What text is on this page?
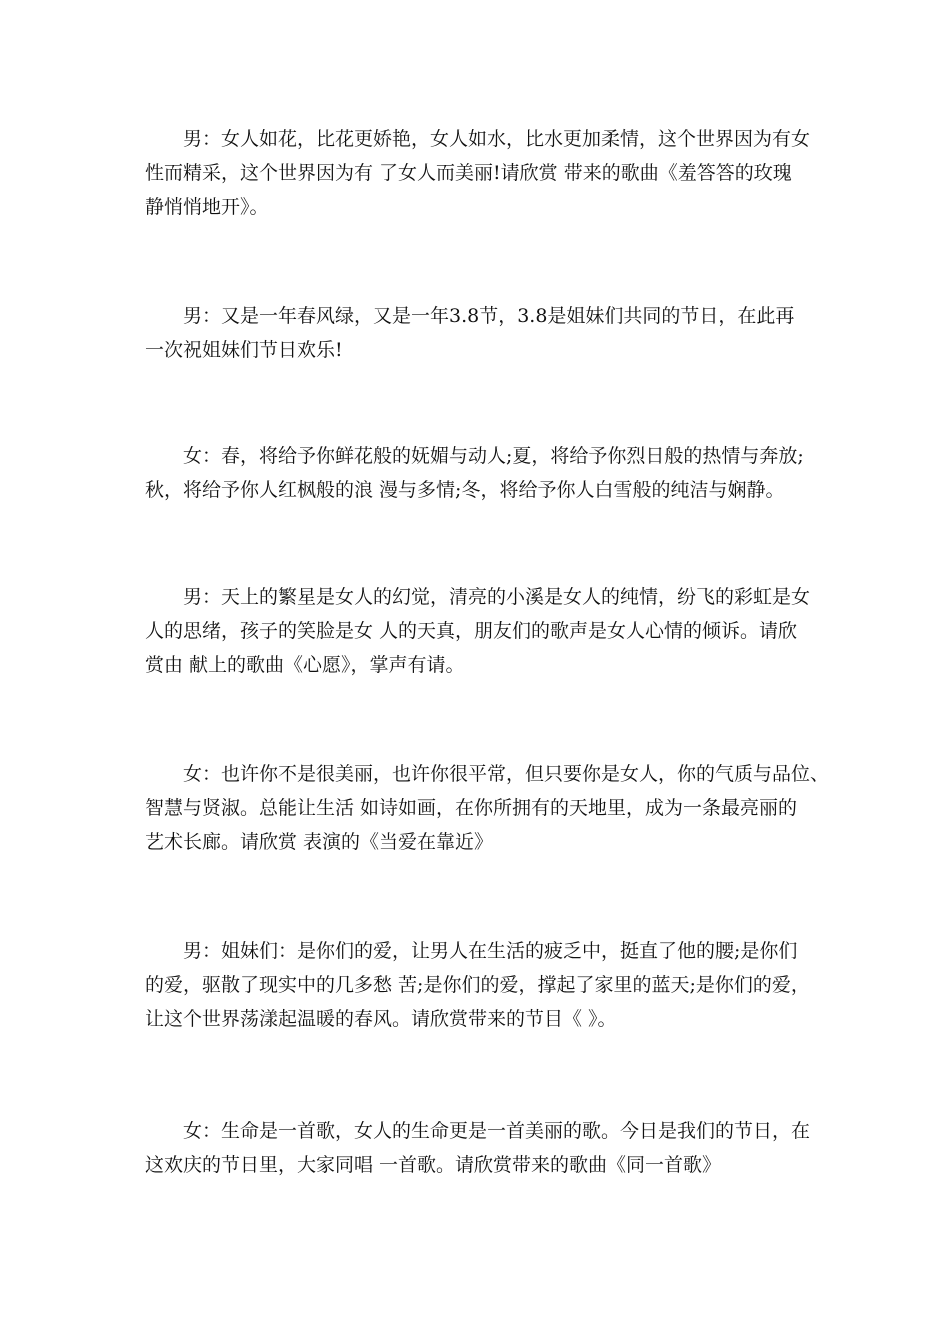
　　男：女人如花，比花更娇艳，女人如水，比水更加柔情，这个世界因为有女
性而精采，这个世界因为有 了女人而美丽!请欣赏 带来的歌曲《羞答答的玫瑰
静悄悄地开》。

　　男：又是一年春风绿，又是一年3.8节，3.8是姐妹们共同的节日，在此再
一次祝姐妹们节日欢乐!

　　女：春，将给予你鲜花般的妩媚与动人;夏，将给予你烈日般的热情与奔放;
秋，将给予你人红枫般的浪 漫与多情;冬，将给予你人白雪般的纯洁与娴静。

　　男：天上的繁星是女人的幻觉，清亮的小溪是女人的纯情，纷飞的彩虹是女
人的思绪，孩子的笑脸是女 人的天真，朋友们的歌声是女人心情的倾诉。请欣
赏由 献上的歌曲《心愿》，掌声有请。

　　女：也许你不是很美丽，也许你很平常，但只要你是女人，你的气质与品位、
智慧与贤淑。总能让生活 如诗如画，在你所拥有的天地里，成为一条最亮丽的
艺术长廊。请欣赏 表演的《当爱在靠近》

　　男：姐妹们：是你们的爱，让男人在生活的疲乏中，挺直了他的腰;是你们
的爱，驱散了现实中的几多愁 苦;是你们的爱，撑起了家里的蓝天;是你们的爱，
让这个世界荡漾起温暖的春风。请欣赏带来的节目《 》。

　　女：生命是一首歌，女人的生命更是一首美丽的歌。今日是我们的节日，在
这欢庆的节日里，大家同唱 一首歌。请欣赏带来的歌曲《同一首歌》
